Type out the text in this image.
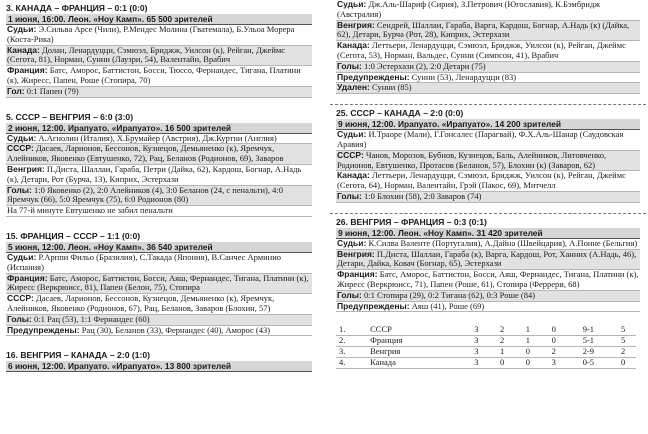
3. КАНАДА – ФРАНЦИЯ – 0:1 (0:0)
1 июня, 16:00. Леон. «Ноу Камп». 65 500 зрителей
Судьи: Э.Сильва Арсе (Чили), Р.Мендес Молина (Гватемала), Б.Ульоа Морера (Коста-Рика)
Канада: Долан, Ленардуцци, Сэмюэл, Бриджж, Уилсон (к), Рейган, Джеймс (Сегота, 81), Норман, Сунни (Лаузри, 54), Валентайн, Врабич
Франция: Батс, Аморос, Баттистон, Босси, Тюссо, Фернандес, Тигана, Платини (к), Жиресс, Папен, Роше (Стопира, 70)
Гол: 0:1 Папен (79)
5. СССР – ВЕНГРИЯ – 6:0 (3:0)
2 июня, 12:00. Ирапуато. «Ирапуато». 16 500 зрителей
Судьи: А.Агнолин (Италия), Х.Брумайер (Австрия), Дж.Куртни (Англия)
СССР: Дасаев, Ларионов, Бессонов, Кузнецов, Демьяненко (к), Яремчук, Алейников, Яковенко (Евтушенко, 72), Рац, Беланов (Родионов, 69), Заваров
Венгрия: П.Диста, Шаллаи, Гараба, Петри (Дайка, 62), Кардош, Богнар, А.Надь (к), Детари, Рот (Бурча, 13), Киприх, Эстерхази
Голы: 1:0 Яковенко (2), 2:0 Алейников (4), 3:0 Беланов (24, с пенальти), 4:0 Яремчук (66), 5:0 Яремчук (75), 6:0 Родионов (80)
На 77-й минуте Евтушенко не забил пенальти
15. ФРАНЦИЯ – СССР – 1:1 (0:0)
5 июня, 12:00. Леон. «Ноу Камп». 36 540 зрителей
Судьи: Р.Арппи Фильо (Бразилия), С.Такада (Япония), В.Санчес Арминио (Испания)
Франция: Батс, Аморос, Баттистон, Босси, Аяш, Фернандес, Тигана, Платини (к), Жиресс (Веркрюисс, 81), Папен (Белон, 75), Стопира
СССР: Дасаев, Ларионов, Бессонов, Кузнецов, Демьяненко (к), Яремчук, Алейников, Яковенко (Родионов, 67), Рац, Беланов, Заваров (Блохин, 57)
Голы: 0:1 Рац (53), 1:1 Фернандес (60)
Предупреждены: Рац (30), Беланов (33), Фернандес (40), Аморос (43)
16. ВЕНГРИЯ – КАНАДА – 2:0 (1:0)
6 июня, 12:00. Ирапуато. «Ирапуато». 13 800 зрителей
Судьи: Дж.Аль-Шариф (Сирия), З.Петрович (Югославия), К.Бэмбридж (Австралия)
Венгрия: Сендрей, Шаллаи, Гараба, Варга, Кардош, Богнар, А.Надь (к) (Дайка, 62), Детари, Бурча (Рот, 28), Киприх, Эстерхази
Канада: Леттьери, Ленардуцци, Сэмюэл, Бриджж, Уилсон (к), Рейган, Джеймс (Сегота, 53), Норман, Вальдес, Сунни (Симпсон, 41), Врабич
Голы: 1:0 Эстерхази (2), 2:0 Детари (75)
Предупреждены: Сунни (53), Ленардуцци (83)
Удален: Сунни (85)
25. СССР – КАНАДА – 2:0 (0:0)
9 июня, 12:00. Ирапуато. «Ирапуато». 14 200 зрителей
Судьи: И.Траоре (Мали), Г.Гонсалес (Парагвай), Ф.Х.Аль-Шанар (Саудовская Аравия)
СССР: Чанов, Морозов, Бубнов, Кузнецов, Баль, Алейников, Литовченко, Родионов, Евтушенко, Протасов (Беланов, 57), Блохин (к) (Заваров, 62)
Канада: Леттьери, Ленардуцци, Сэмюэл, Бриджж, Уилсон (к), Рейган, Джеймс (Сегота, 64), Норман, Валентайн, Грэй (Пакос, 69), Митчелл
Голы: 1:0 Блохин (58), 2:0 Заваров (74)
26. ВЕНГРИЯ – ФРАНЦИЯ – 0:3 (0:1)
9 июня, 12:00. Леон. «Ноу Камп». 31 420 зрителей
Судьи: К.Силва Валенте (Португалия), А.Дайна (Швейцария), А.Понне (Бельгия)
Венгрия: П.Диста, Шаллаи, Гараба (к), Варга, Кардош, Рот, Ханних (А.Надь, 46), Детари, Дайка, Ковач (Богнар, 65), Эстерхази
Франция: Батс, Аморос, Баттистон, Босси, Аяш, Фернандес, Тигана, Платини (к), Жиресс (Веркрюисс, 71), Папен (Роше, 61), Стопира (Феррери, 68)
Голы: 0:1 Стопира (29), 0:2 Тигана (62), 0:3 Роше (84)
Предупреждены: Аяш (41), Роше (69)
1.	СССР	3	2	1	0	9-1	5
2.	Франция	3	2	1	0	5-1	5
3.	Венгрия	3	1	0	2	2-9	2
4.	Канада	3	0	0	3	0-5	0
